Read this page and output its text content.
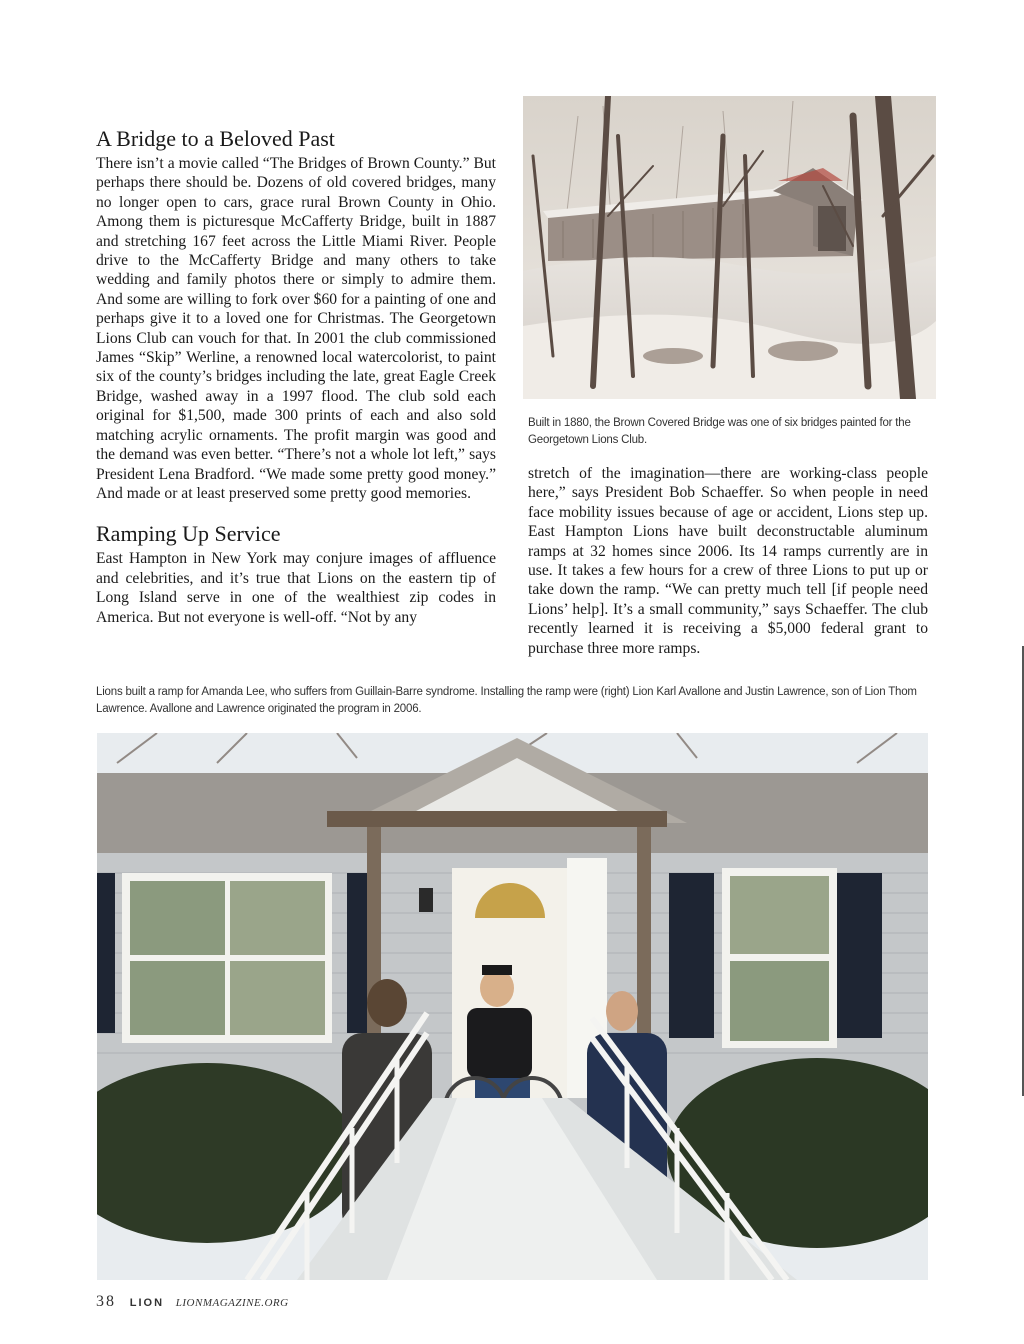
A Bridge to a Beloved Past

There isn’t a movie called “The Bridges of Brown County.” But perhaps there should be. Dozens of old covered bridges, many no longer open to cars, grace rural Brown County in Ohio. Among them is picturesque McCafferty Bridge, built in 1887 and stretching 167 feet across the Little Miami River. People drive to the McCafferty Bridge and many others to take wedding and family photos there or simply to admire them. And some are willing to fork over $60 for a painting of one and perhaps give it to a loved one for Christmas. The Georgetown Lions Club can vouch for that. In 2001 the club commissioned James “Skip” Werline, a renowned local watercolorist, to paint six of the county’s bridges including the late, great Eagle Creek Bridge, washed away in a 1997 flood. The club sold each original for $1,500, made 300 prints of each and also sold matching acrylic ornaments. The profit margin was good and the demand was even better. “There’s not a whole lot left,” says President Lena Bradford. “We made some pretty good money.” And made or at least preserved some pretty good memories.

Ramping Up Service

East Hampton in New York may conjure images of affluence and celebrities, and it’s true that Lions on the eastern tip of Long Island serve in one of the wealthiest zip codes in America. But not everyone is well-off. “Not by any

Built in 1880, the Brown Covered Bridge was one of six bridges painted for the Georgetown Lions Club.

stretch of the imagination—there are working-class people here,” says President Bob Schaeffer. So when people in need face mobility issues because of age or accident, Lions step up. East Hampton Lions have built deconstructable aluminum ramps at 32 homes since 2006. Its 14 ramps currently are in use. It takes a few hours for a crew of three Lions to put up or take down the ramp. “We can pretty much tell [if people need Lions’ help]. It’s a small community,” says Schaeffer. The club recently learned it is receiving a $5,000 federal grant to purchase three more ramps.

Lions built a ramp for Amanda Lee, who suffers from Guillain-Barre syndrome. Installing the ramp were (right) Lion Karl Avallone and Justin Lawrence, son of Lion Thom Lawrence. Avallone and Lawrence originated the program in 2006.
38 LION LIONMAGAZINE.ORG
